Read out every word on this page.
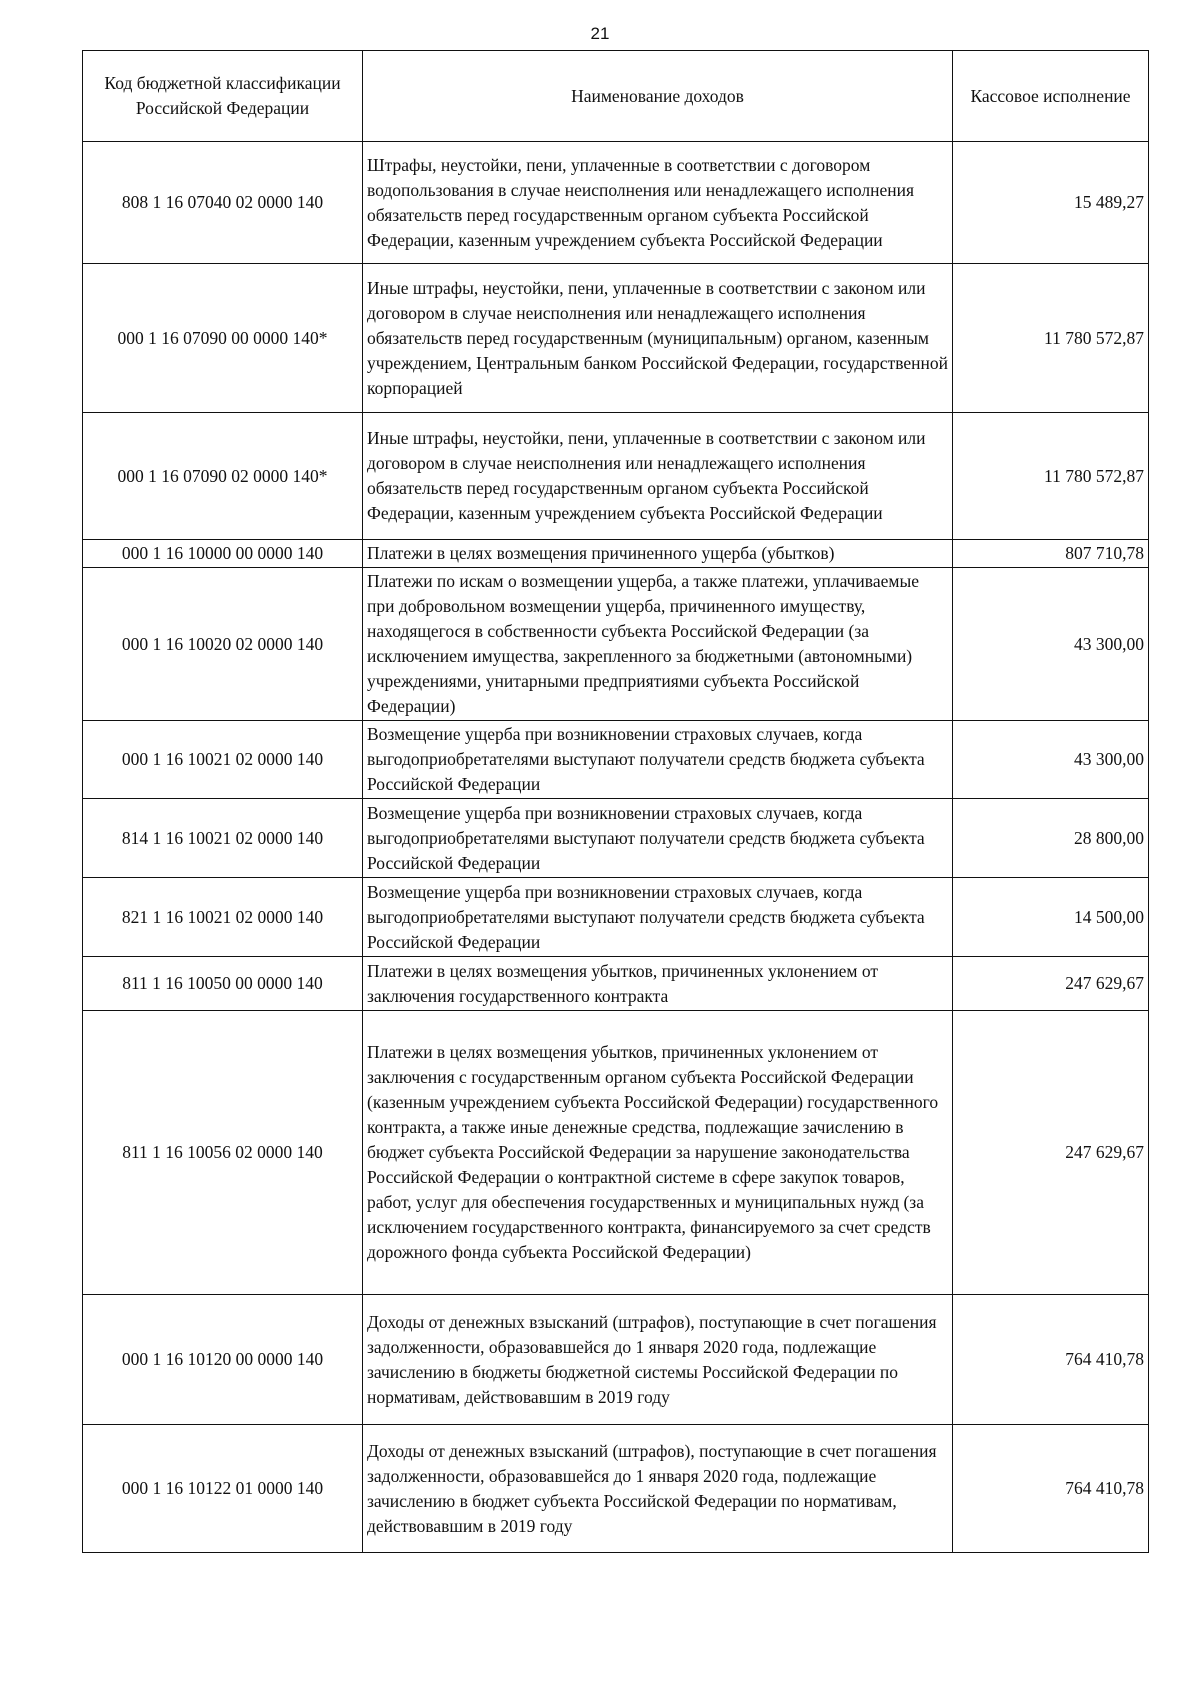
21
Код бюджетной классификации Российской Федерации	Наименование доходов	Кассовое исполнение
808 1 16 07040 02 0000 140	Штрафы, неустойки, пени, уплаченные в соответствии с договором водопользования в случае неисполнения или ненадлежащего исполнения обязательств перед государственным органом субъекта Российской Федерации, казенным учреждением субъекта Российской Федерации	15 489,27
000 1 16 07090 00 0000 140*	Иные штрафы, неустойки, пени, уплаченные в соответствии с законом или договором в случае неисполнения или ненадлежащего исполнения обязательств перед государственным (муниципальным) органом, казенным учреждением, Центральным банком Российской Федерации, государственной корпорацией	11 780 572,87
000 1 16 07090 02 0000 140*	Иные штрафы, неустойки, пени, уплаченные в соответствии с законом или договором в случае неисполнения или ненадлежащего исполнения обязательств перед государственным органом субъекта Российской Федерации, казенным учреждением субъекта Российской Федерации	11 780 572,87
000 1 16 10000 00 0000 140	Платежи в целях возмещения причиненного ущерба (убытков)	807 710,78
000 1 16 10020 02 0000 140	Платежи по искам о возмещении ущерба, а также платежи, уплачиваемые при добровольном возмещении ущерба, причиненного имуществу, находящегося в собственности субъекта Российской Федерации (за исключением имущества, закрепленного за бюджетными (автономными) учреждениями, унитарными предприятиями субъекта Российской Федерации)	43 300,00
000 1 16 10021 02 0000 140	Возмещение ущерба при возникновении страховых случаев, когда выгодоприобретателями выступают получатели средств бюджета субъекта Российской Федерации	43 300,00
814 1 16 10021 02 0000 140	Возмещение ущерба при возникновении страховых случаев, когда выгодоприобретателями выступают получатели средств бюджета субъекта Российской Федерации	28 800,00
821 1 16 10021 02 0000 140	Возмещение ущерба при возникновении страховых случаев, когда выгодоприобретателями выступают получатели средств бюджета субъекта Российской Федерации	14 500,00
811 1 16 10050 00 0000 140	Платежи в целях возмещения убытков, причиненных уклонением от заключения государственного контракта	247 629,67
811 1 16 10056 02 0000 140	Платежи в целях возмещения убытков, причиненных уклонением от заключения с государственным органом субъекта Российской Федерации (казенным учреждением субъекта Российской Федерации) государственного контракта, а также иные денежные средства, подлежащие зачислению в бюджет субъекта Российской Федерации за нарушение законодательства Российской Федерации о контрактной системе в сфере закупок товаров, работ, услуг для обеспечения государственных и муниципальных нужд (за исключением государственного контракта, финансируемого за счет средств дорожного фонда субъекта Российской Федерации)	247 629,67
000 1 16 10120 00 0000 140	Доходы от денежных взысканий (штрафов), поступающие в счет погашения задолженности, образовавшейся до 1 января 2020 года, подлежащие зачислению в бюджеты бюджетной системы Российской Федерации по нормативам, действовавшим в 2019 году	764 410,78
000 1 16 10122 01 0000 140	Доходы от денежных взысканий (штрафов), поступающие в счет погашения задолженности, образовавшейся до 1 января 2020 года, подлежащие зачислению в бюджет субъекта Российской Федерации по нормативам, действовавшим в 2019 году	764 410,78
